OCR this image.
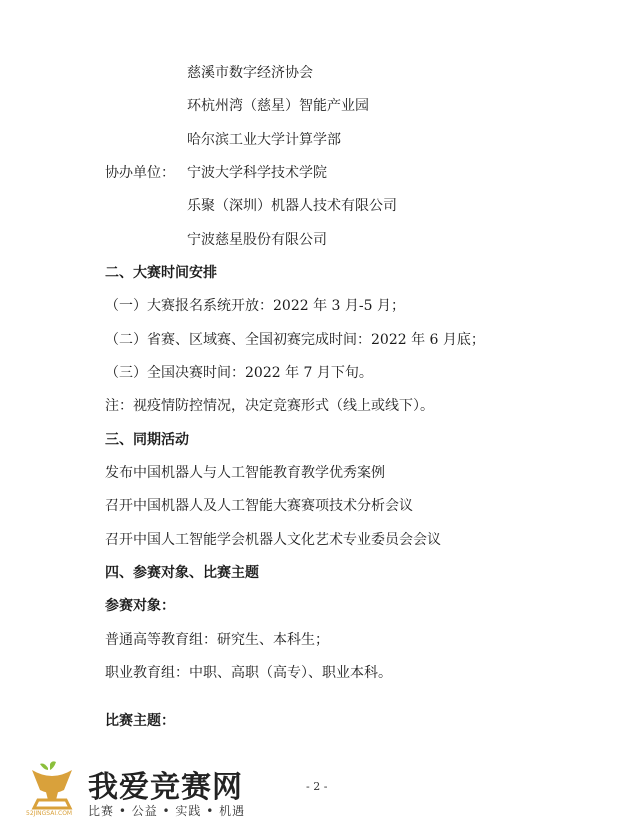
慈溪市数字经济协会
环杭州湾（慈星）智能产业园
哈尔滨工业大学计算学部
协办单位： 宁波大学科学技术学院
乐聚（深圳）机器人技术有限公司
宁波慈星股份有限公司
二、大赛时间安排
（一）大赛报名系统开放：2022 年 3 月-5 月；
（二）省赛、区域赛、全国初赛完成时间：2022 年 6 月底；
（三）全国决赛时间：2022 年 7 月下旬。
注：视疫情防控情况，决定竞赛形式（线上或线下）。
三、同期活动
发布中国机器人与人工智能教育教学优秀案例
召开中国机器人及人工智能大赛赛项技术分析会议
召开中国人工智能学会机器人文化艺术专业委员会会议
四、参赛对象、比赛主题
参赛对象：
普通高等教育组：研究生、本科生；
职业教育组：中职、高职（高专）、职业本科。
比赛主题：
- 2 -
52JINGSAI.COM
我爱竞赛网
比赛 • 公益 • 实践 • 机遇
